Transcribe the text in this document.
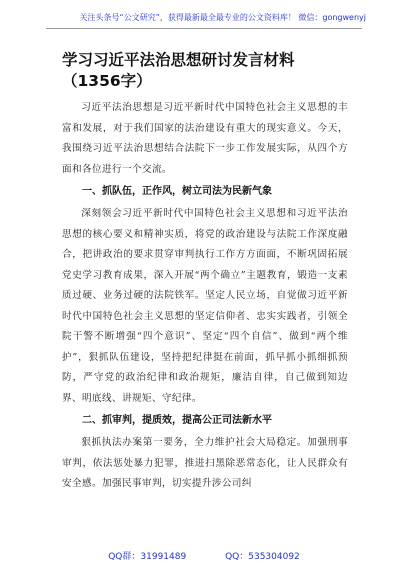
关注头条号“公文研究”，获得最新最全最专业的公文资料库！ 微信：gongwenyj
学习习近平法治思想研讨发言材料（1356字）

习近平法治思想是习近平新时代中国特色社会主义思想的丰富和发展，对于我们国家的法治建设有重大的现实意义。今天，我围绕习近平法治思想结合法院下一步工作发展实际，从四个方面和各位进行一个交流。

一、抓队伍，正作风，树立司法为民新气象

深刻领会习近平新时代中国特色社会主义思想和习近平法治思想的核心要义和精神实质，将党的政治建设与法院工作深度融合，把讲政治的要求贯穿审判执行工作方方面面，不断巩固拓展党史学习教育成果，深入开展“两个确立”主题教育，锻造一支素质过硬、业务过硬的法院铁军。坚定人民立场，自觉做习近平新时代中国特色社会主义思想的坚定信仰者、忠实实践者，引领全院干警不断增强“四个意识”、坚定“四个自信”、做到“两个维护”，狠抓队伍建设，坚持把纪律挺在前面，抓早抓小抓细抓预防，严守党的政治纪律和政治规矩，廉洁自律，自己做到知边界、明底线、讲规矩、守纪律。

二、抓审判，提质效，提高公正司法新水平

狠抓执法办案第一要务，全力维护社会大局稳定。加强刑事审判，依法惩处暴力犯罪，推进扫黑除恶常态化，让人民群众有安全感。加强民事审判，切实提升涉公司纠

QQ群：31991489	QQ：535304092
